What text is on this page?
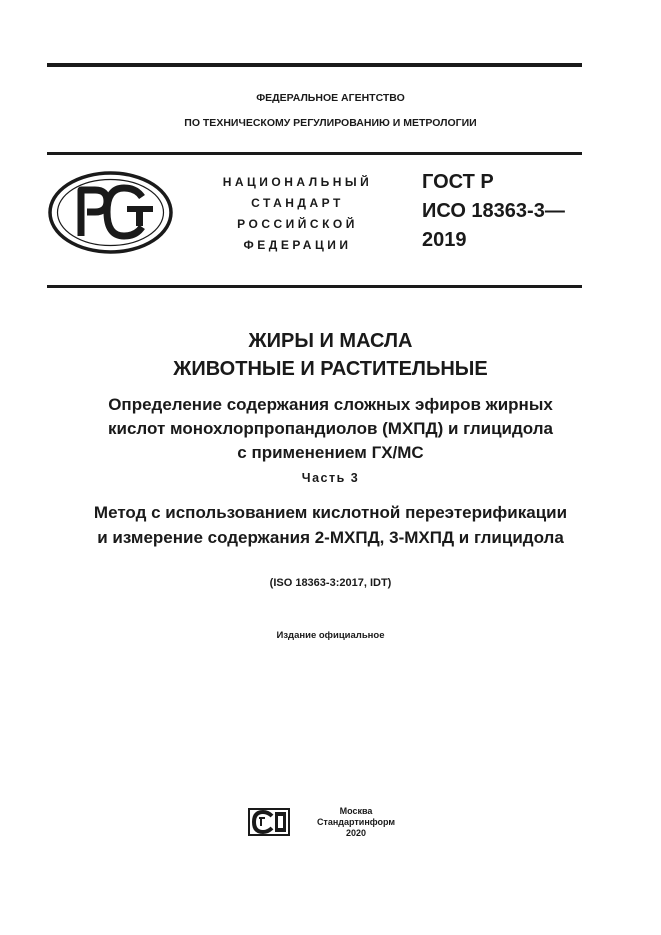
ФЕДЕРАЛЬНОЕ АГЕНТСТВО
ПО ТЕХНИЧЕСКОМУ РЕГУЛИРОВАНИЮ И МЕТРОЛОГИИ
НАЦИОНАЛЬНЫЙ
СТАНДАРТ
РОССИЙСКОЙ
ФЕДЕРАЦИИ
ГОСТ Р
ИСО 18363-3—
2019
ЖИРЫ И МАСЛА
ЖИВОТНЫЕ И РАСТИТЕЛЬНЫЕ
Определение содержания сложных эфиров жирных
кислот монохлорпропандиолов (МХПД) и глицидола
с применением ГХ/МС
Часть 3
Метод с использованием кислотной переэтерификации
и измерение содержания 2-МХПД, 3-МХПД и глицидола
(ISO 18363-3:2017, IDT)
Издание официальное
Москва
Стандартинформ
2020
